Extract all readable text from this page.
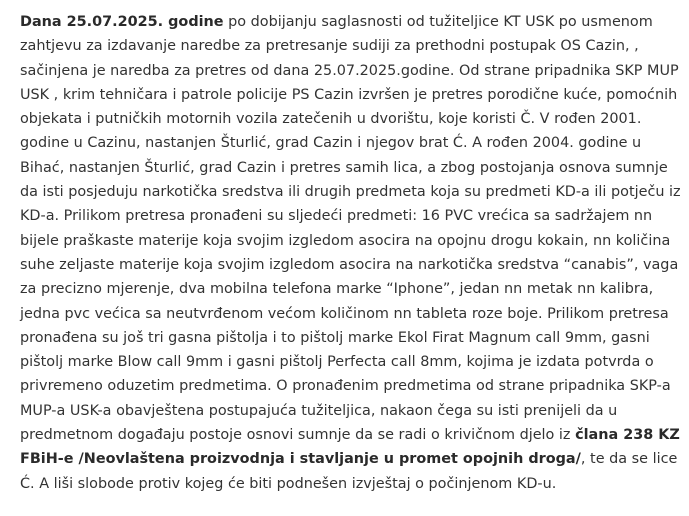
Dana 25.07.2025. godine po dobijanju saglasnosti od tužiteljice KT USK po usmenom zahtjevu za izdavanje naredbe za pretresanje sudiji za prethodni postupak OS Cazin, , sačinjena je naredba za pretres od dana 25.07.2025.godine. Od strane pripadnika SKP MUP USK , krim tehničara i patrole policije PS Cazin izvršen je pretres porodične kuće, pomoćnih objekata i putničkih motornih vozila zatečenih u dvorištu, koje koristi Č. V rođen 2001. godine u Cazinu, nastanjen Šturlić, grad Cazin i njegov brat Ć. A rođen 2004. godine u Bihać, nastanjen Šturlić, grad Cazin i pretres samih lica, a zbog postojanja osnova sumnje da isti posjeduju narkotička sredstva ili drugih predmeta koja su predmeti KD-a ili potječu iz KD-a. Prilikom pretresa pronađeni su sljedeći predmeti: 16 PVC vrećica sa sadržajem nn bijele praškaste materije koja svojim izgledom asocira na opojnu drogu kokain, nn količina suhe zeljaste materije koja svojim izgledom asocira na narkotička sredstva “canabis”, vaga za precizno mjerenje, dva mobilna telefona marke “Iphone”, jedan nn metak nn kalibra, jedna pvc većica sa neutvrđenom većom količinom nn tableta roze boje. Prilikom pretresa pronađena su još tri gasna pištolja i to pištolj marke Ekol Firat Magnum call 9mm, gasni pištolj marke Blow call 9mm i gasni pištolj Perfecta call 8mm, kojima je izdata potvrda o privremeno oduzetim predmetima. O pronađenim predmetima od strane pripadnika SKP-a MUP-a USK-a obavještena postupajuća tužiteljica, nakaon čega su isti prenijeli da u predmetnom događaju postoje osnovi sumnje da se radi o krivičnom djelo iz člana 238 KZ FBiH-e /Neovlaštena proizvodnja i stavljanje u promet opojnih droga/, te da se lice Ć. A liši slobode protiv kojeg će biti podnešen izvještaj o počinjenom KD-u.
